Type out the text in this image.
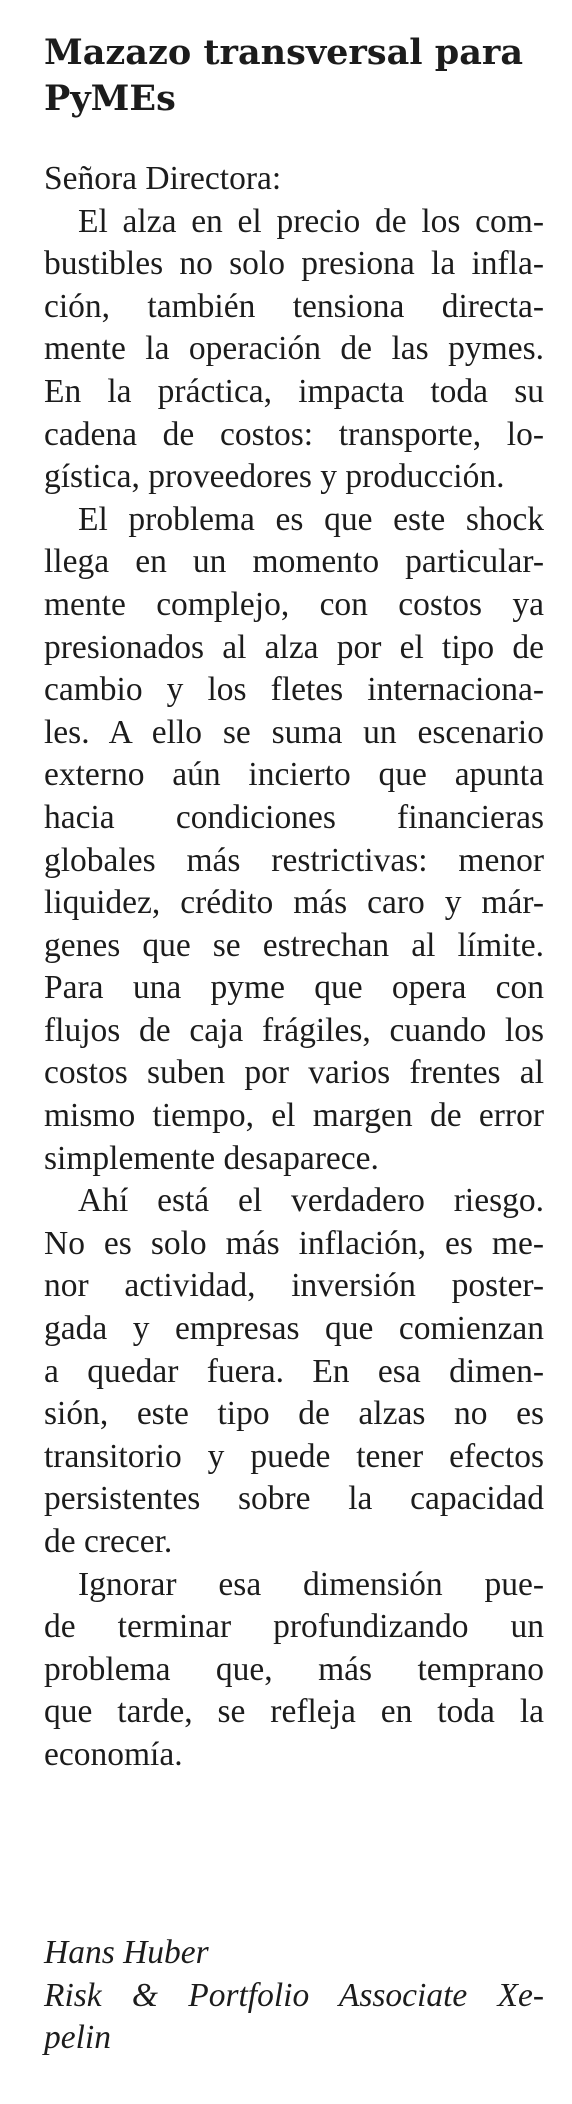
Mazazo transversal para
PyMEs
Señora Directora:
El alza en el precio de los com-
bustibles no solo presiona la infla-
ción, también tensiona directa-
mente la operación de las pymes.
En la práctica, impacta toda su
cadena de costos: transporte, lo-
gística, proveedores y producción.
El problema es que este shock
llega en un momento particular-
mente complejo, con costos ya
presionados al alza por el tipo de
cambio y los fletes internaciona-
les. A ello se suma un escenario
externo aún incierto que apunta
hacia condiciones financieras
globales más restrictivas: menor
liquidez, crédito más caro y már-
genes que se estrechan al límite.
Para una pyme que opera con
flujos de caja frágiles, cuando los
costos suben por varios frentes al
mismo tiempo, el margen de error
simplemente desaparece.
Ahí está el verdadero riesgo.
No es solo más inflación, es me-
nor actividad, inversión poster-
gada y empresas que comienzan
a quedar fuera. En esa dimen-
sión, este tipo de alzas no es
transitorio y puede tener efectos
persistentes sobre la capacidad
de crecer.
Ignorar esa dimensión pue-
de terminar profundizando un
problema que, más temprano
que tarde, se refleja en toda la
economía.
Hans Huber
Risk & Portfolio Associate Xe-
pelin
